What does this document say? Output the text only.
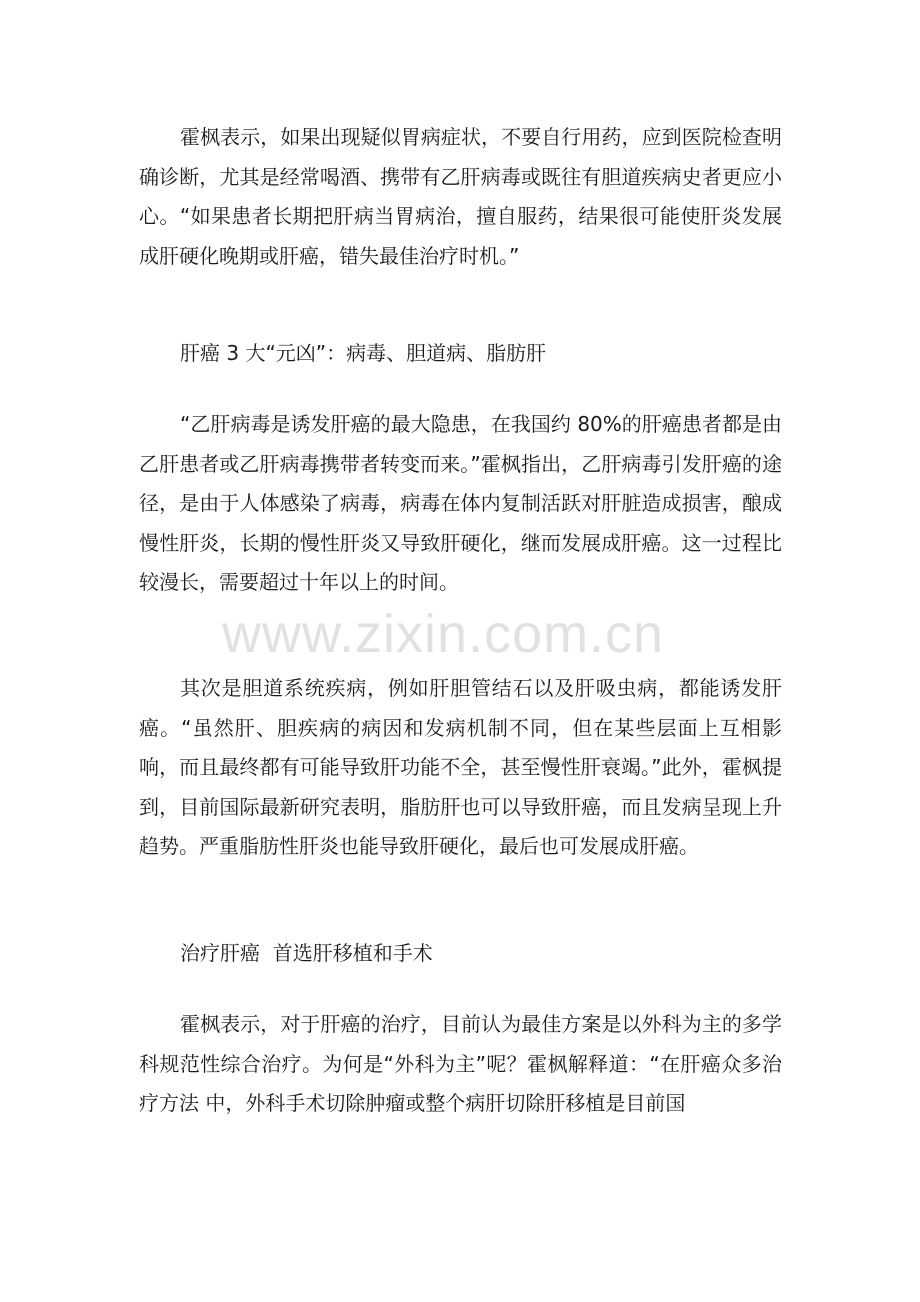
霍枫表示，如果出现疑似胃病症状，不要自行用药，应到医院检查明确诊断，尤其是经常喝酒、携带有乙肝病毒或既往有胆道疾病史者更应小心。“如果患者长期把肝病当胃病治，擅自服药，结果很可能使肝炎发展成肝硬化晚期或肝癌，错失最佳治疗时机。”

肝癌 3 大“元凶”：病毒、胆道病、脂肪肝

“乙肝病毒是诱发肝癌的最大隐患，在我国约 80%的肝癌患者都是由乙肝患者或乙肝病毒携带者转变而来。”霍枫指出，乙肝病毒引发肝癌的途径，是由于人体感染了病毒，病毒在体内复制活跃对肝脏造成损害，酿成慢性肝炎，长期的慢性肝炎又导致肝硬化，继而发展成肝癌。这一过程比较漫长，需要超过十年以上的时间。

其次是胆道系统疾病，例如肝胆管结石以及肝吸虫病，都能诱发肝癌。“虽然肝、胆疾病的病因和发病机制不同，但在某些层面上互相影响，而且最终都有可能导致肝功能不全，甚至慢性肝衰竭。”此外，霍枫提到，目前国际最新研究表明，脂肪肝也可以导致肝癌，而且发病呈现上升趋势。严重脂肪性肝炎也能导致肝硬化，最后也可发展成肝癌。

治疗肝癌  首选肝移植和手术

霍枫表示，对于肝癌的治疗，目前认为最佳方案是以外科为主的多学科规范性综合治疗。为何是“外科为主”呢？霍枫解释道：“在肝癌众多治疗方法 中，外科手术切除肿瘤或整个病肝切除肝移植是目前国

www.zixin.com.cn
